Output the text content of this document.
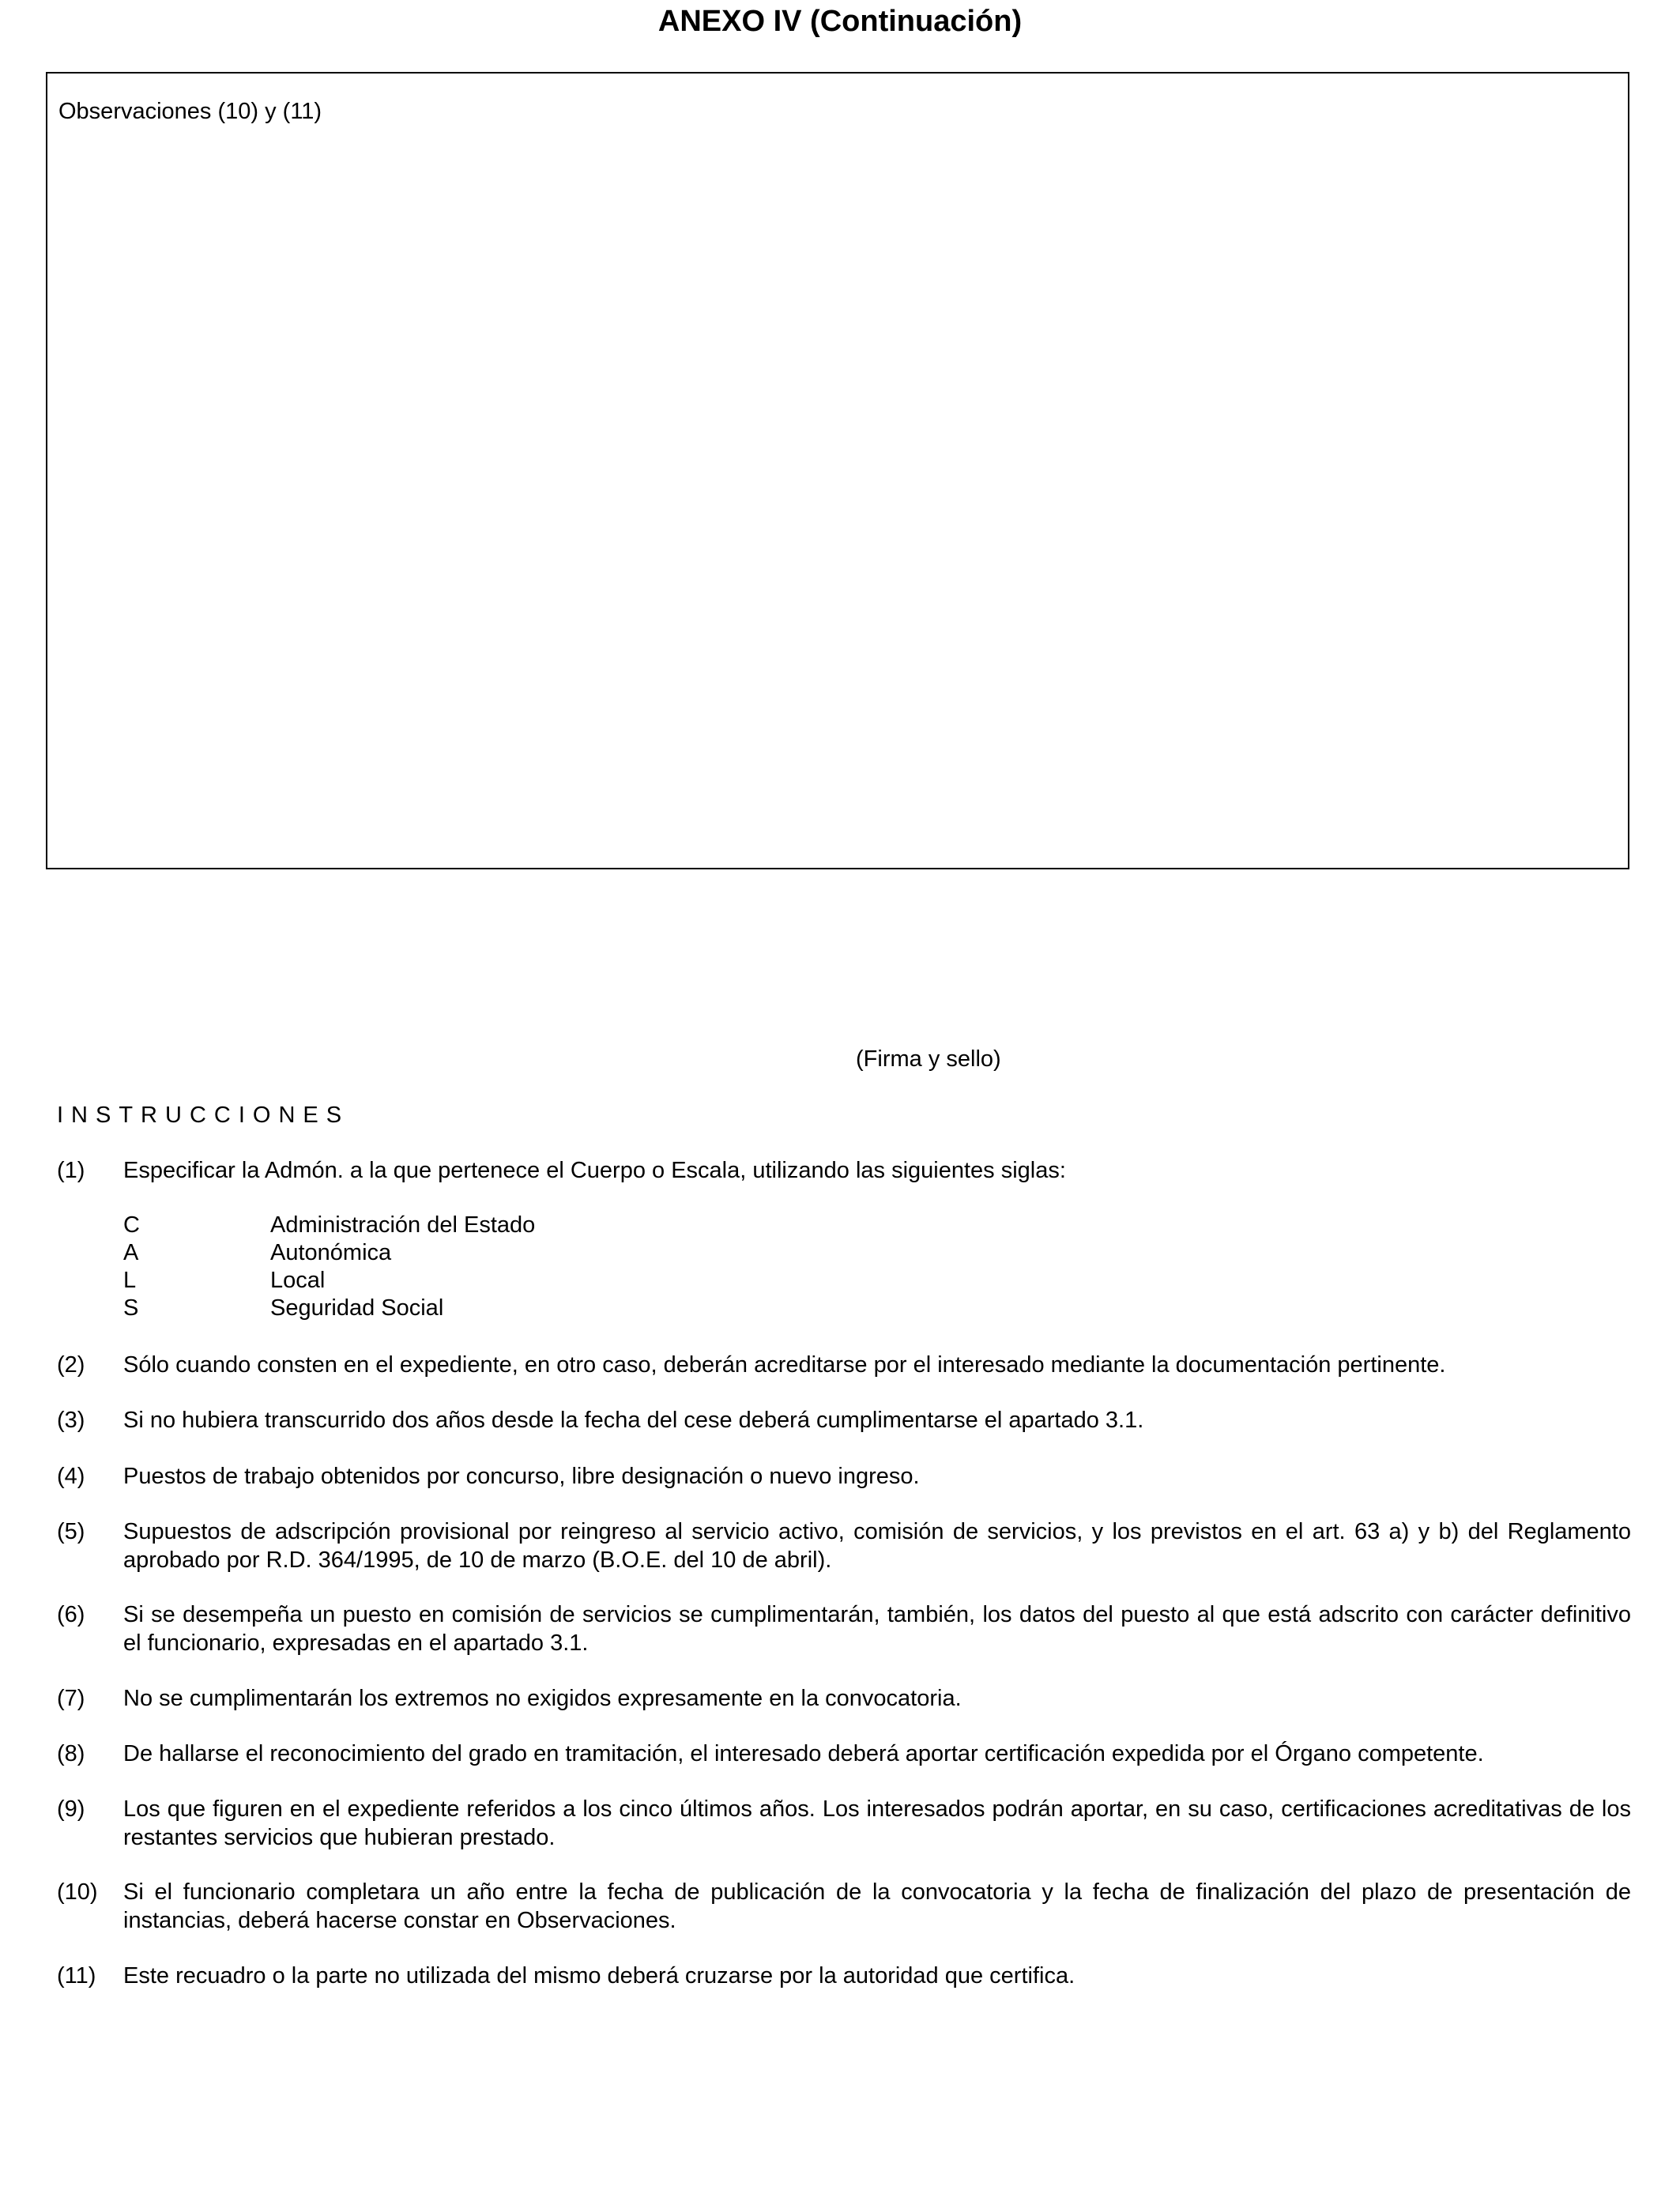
ANEXO IV (Continuación)
Observaciones (10) y (11)
(Firma y sello)
INSTRUCCIONES
(1) Especificar la Admón. a la que pertenece el Cuerpo o Escala, utilizando las siguientes siglas:
C	Administración del Estado
A	Autonómica
L	Local
S	Seguridad Social
(2) Sólo cuando consten en el expediente, en otro caso, deberán acreditarse por el interesado mediante la documentación pertinente.
(3) Si no hubiera transcurrido dos años desde la fecha del cese deberá cumplimentarse el apartado 3.1.
(4) Puestos de trabajo obtenidos por concurso, libre designación o nuevo ingreso.
(5) Supuestos de adscripción provisional por reingreso al servicio activo, comisión de servicios, y los previstos en el art. 63 a) y b) del Reglamento aprobado por R.D. 364/1995, de 10 de marzo (B.O.E. del 10 de abril).
(6) Si se desempeña un puesto en comisión de servicios se cumplimentarán, también, los datos del puesto al que está adscrito con carácter definitivo el funcionario, expresadas en el apartado 3.1.
(7) No se cumplimentarán los extremos no exigidos expresamente en la convocatoria.
(8) De hallarse el reconocimiento del grado en tramitación, el interesado deberá aportar certificación expedida por el Órgano competente.
(9) Los que figuren en el expediente referidos a los cinco últimos años. Los interesados podrán aportar, en su caso, certificaciones acreditativas de los restantes servicios que hubieran prestado.
(10) Si el funcionario completara un año entre la fecha de publicación de la convocatoria y la fecha de finalización del plazo de presentación de instancias, deberá hacerse constar en Observaciones.
(11) Este recuadro o la parte no utilizada del mismo deberá cruzarse por la autoridad que certifica.
